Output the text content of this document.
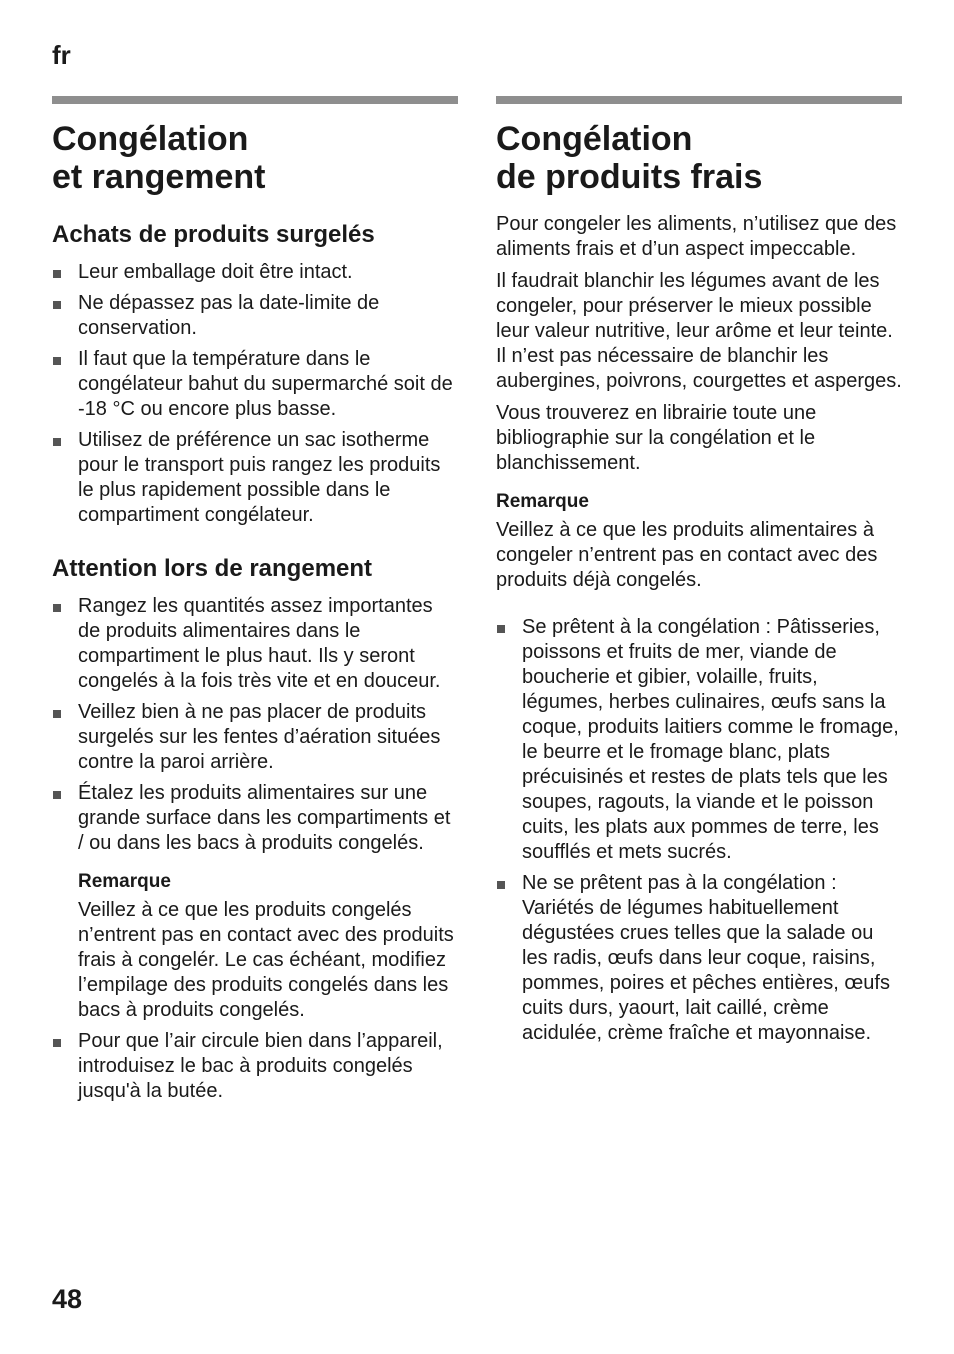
fr
Congélation
et rangement
Achats de produits surgelés
Leur emballage doit être intact.
Ne dépassez pas la date-limite de conservation.
Il faut que la température dans le congélateur bahut du supermarché soit de -18 °C ou encore plus basse.
Utilisez de préférence un sac isotherme pour le transport puis rangez les produits le plus rapidement possible dans le compartiment congélateur.
Attention lors de rangement
Rangez les quantités assez importantes de produits alimentaires dans le compartiment le plus haut. Ils y seront congelés à la fois très vite et en douceur.
Veillez bien à ne pas placer de produits surgelés sur les fentes d’aération situées contre la paroi arrière.
Étalez les produits alimentaires sur une grande surface dans les compartiments et / ou dans les bacs à produits congelés.
Remarque
Veillez à ce que les produits congelés n’entrent pas en contact avec des produits frais à congelér. Le cas échéant, modifiez l’empilage des produits congelés dans les bacs à produits congelés.
Pour que l’air circule bien dans l’appareil, introduisez le bac à produits congelés jusqu'à la butée.
Congélation
de produits frais

Pour congeler les aliments, n’utilisez que des aliments frais et d’un aspect impeccable.

Il faudrait blanchir les légumes avant de les congeler, pour préserver le mieux possible leur valeur nutritive, leur arôme et leur teinte. Il n’est pas nécessaire de blanchir les aubergines, poivrons, courgettes et asperges.

Vous trouverez en librairie toute une bibliographie sur la congélation et le blanchissement.

Remarque

Veillez à ce que les produits alimentaires à congeler n’entrent pas en contact avec des produits déjà congelés.

Se prêtent à la congélation : Pâtisseries, poissons et fruits de mer, viande de boucherie et gibier, volaille, fruits, légumes, herbes culinaires, œufs sans la coque, produits laitiers comme le fromage, le beurre et le fromage blanc, plats précuisinés et restes de plats tels que les soupes, ragouts, la viande et le poisson cuits, les plats aux pommes de terre, les soufflés et mets sucrés.
Ne se prêtent pas à la congélation : Variétés de légumes habituellement dégustées crues telles que la salade ou les radis, œufs dans leur coque, raisins, pommes, poires et pêches entières, œufs cuits durs, yaourt, lait caillé, crème acidulée, crème fraîche et mayonnaise.
48
